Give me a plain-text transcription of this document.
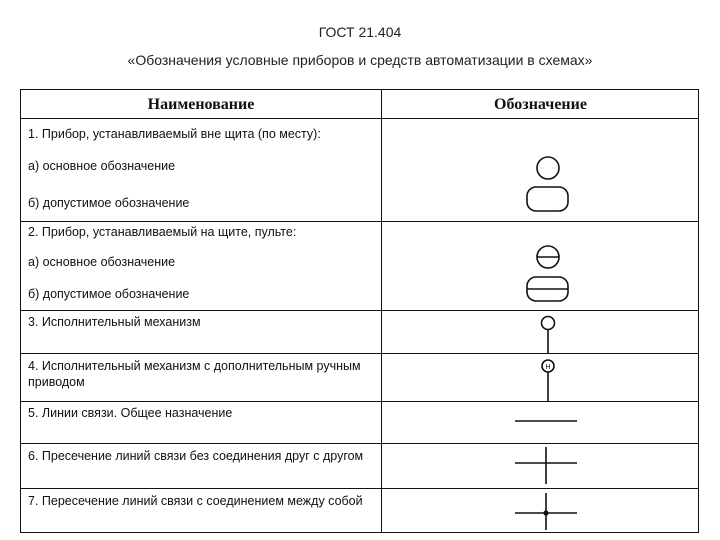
ГОСТ 21.404
«Обозначения условные приборов и средств автоматизации в схемах»
Наименование	Обозначение
1. Прибор, устанавливаемый вне щита (по месту):
а) основное обозначение
б) допустимое обозначение
2. Прибор, устанавливаемый на щите, пульте:
а) основное обозначение
б) допустимое обозначение
3. Исполнительный механизм
4. Исполнительный механизм с дополнительным ручным приводом
5. Линии связи. Общее назначение
6. Пресечение линий связи без соединения друг с другом
7. Пересечение линий связи с соединением между собой
Н
